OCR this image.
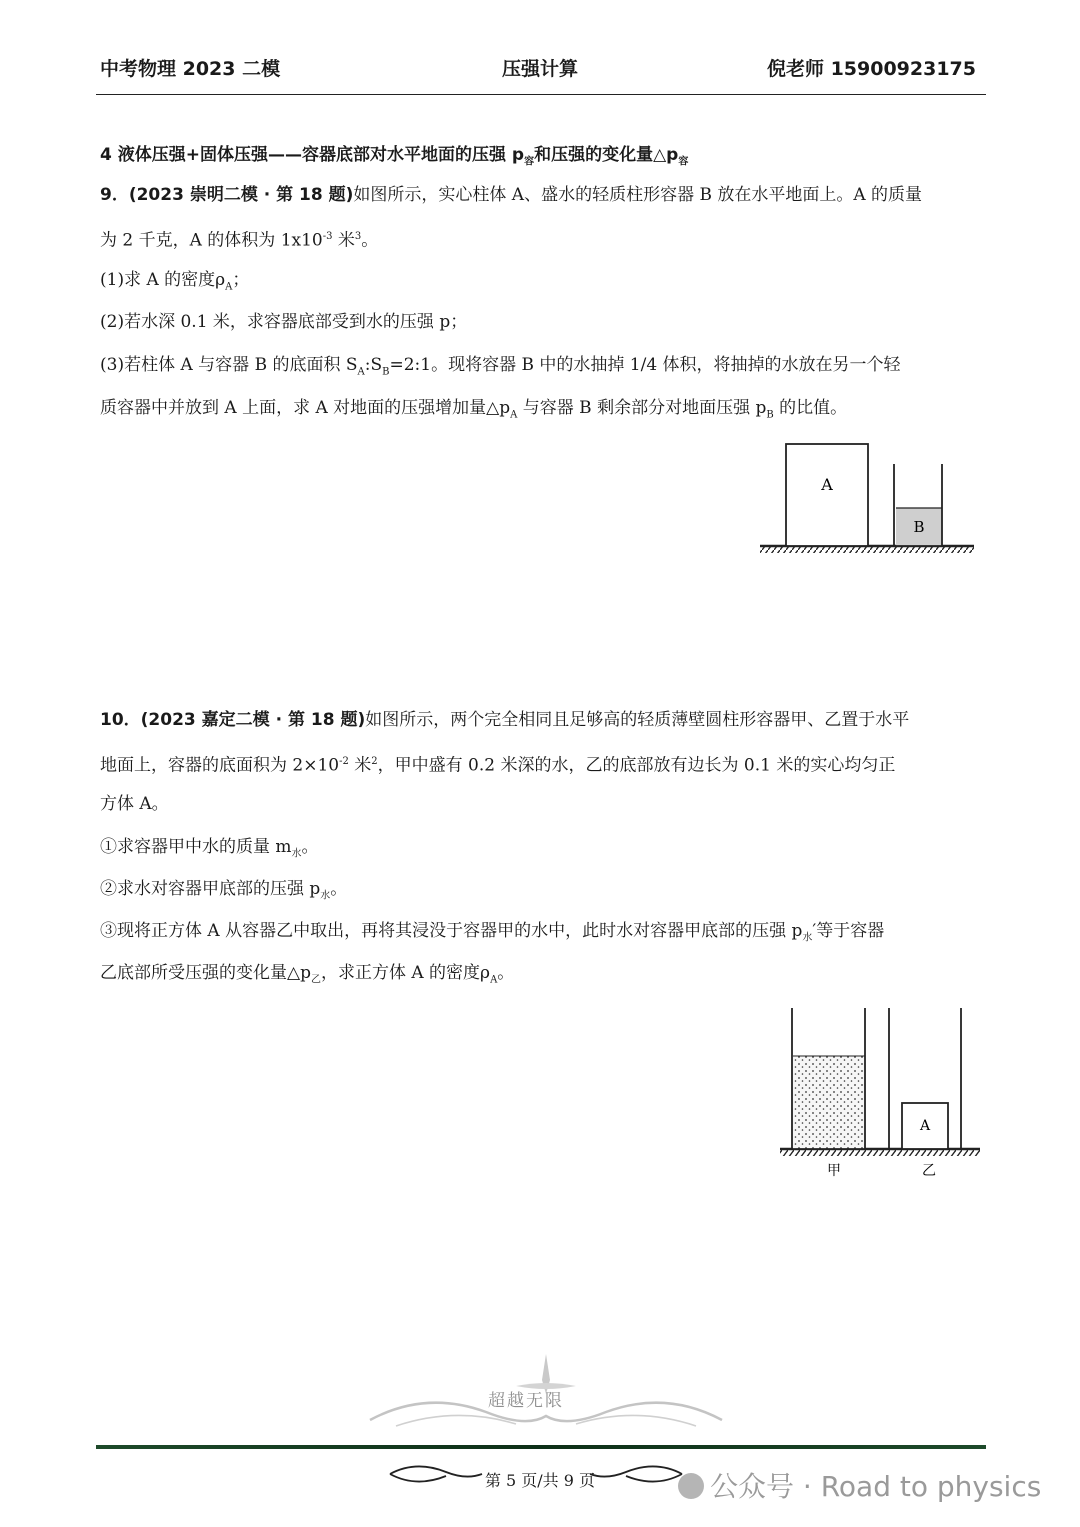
中考物理 2023 二模	压强计算	倪老师 15900923175
4 液体压强+固体压强——容器底部对水平地面的压强 $p_容$和压强的变化量$\triangle p_容$
9．(2023 崇明二模 · 第 18 题)如图所示，实心柱体 A、盛水的轻质柱形容器 B 放在水平地面上。A 的质量
为 2 千克，A 的体积为 $1x10^{-3}$ 米$^3$。
(1)求 A 的密度$\rho_A$；
(2)若水深 0.1 米，求容器底部受到水的压强 p；
(3)若柱体 A 与容器 B 的底面积 $S_A:S_B=2:1$。现将容器 B 中的水抽掉 1/4 体积，将抽掉的水放在另一个轻
质容器中并放到 A 上面，求 A 对地面的压强增加量$\triangle p_A$ 与容器 B 剩余部分对地面压强 $p_B$ 的比值。
A
B
10．(2023 嘉定二模 · 第 18 题)如图所示，两个完全相同且足够高的轻质薄壁圆柱形容器甲、乙置于水平
地面上，容器的底面积为 $2\times 10^{-2}$ 米$^2$，甲中盛有 0.2 米深的水，乙的底部放有边长为 0.1 米的实心均匀正
方体 A。
①求容器甲中水的质量 $m_水$。
②求水对容器甲底部的压强 $p_水$。
③现将正方体 A 从容器乙中取出，再将其浸没于容器甲的水中，此时水对容器甲底部的压强 $p_水'$等于容器
乙底部所受压强的变化量$\triangle p_乙$，求正方体 A 的密度$\rho_A$。
A
甲	乙
超越无限
第 5 页/共 9 页	公众号 · Road to physics
